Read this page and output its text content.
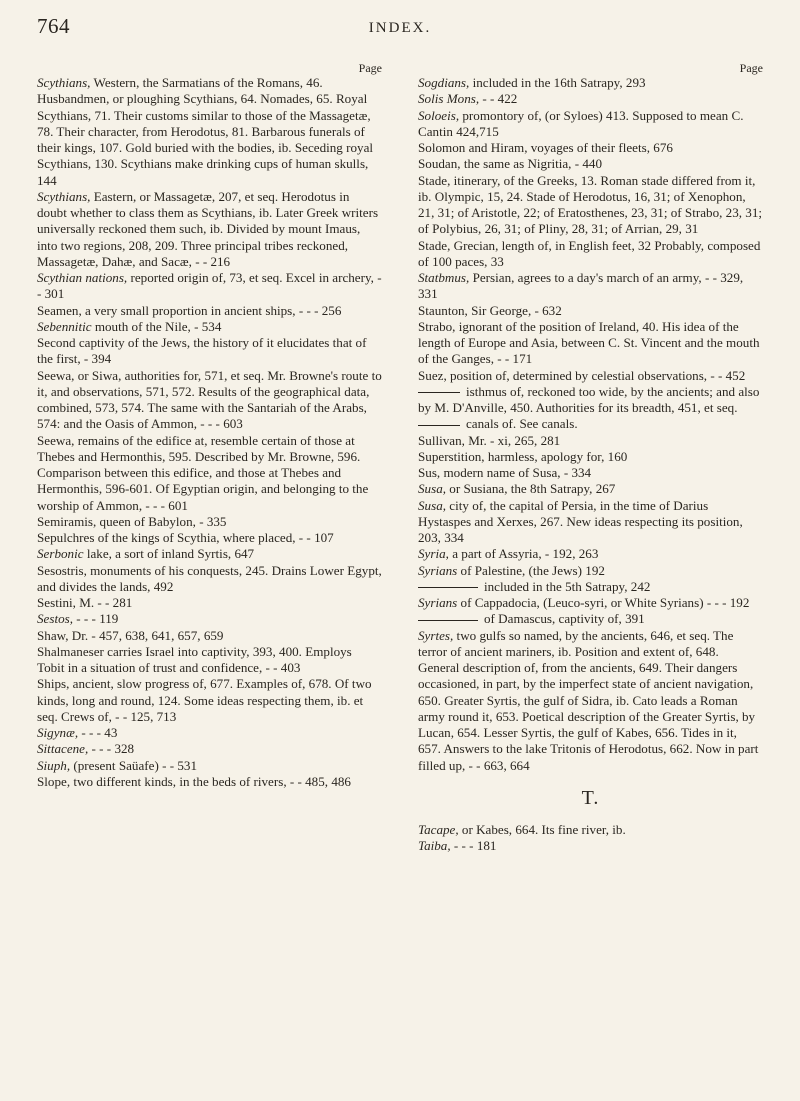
764	INDEX.
Page
Scythians, Western, the Sarmatians of the Romans, 46. Husbandmen, or ploughing Scythians, 64. Nomades, 65. Royal Scythians, 71. Their customs similar to those of the Massagetæ, 78. Their character, from Herodotus, 81. Barbarous funerals of their kings, 107. Gold buried with the bodies, ib. Seceding royal Scythians, 130. Scythians make drinking cups of human skulls, 144
Scythians, Eastern, or Massagetæ, 207, et seq. Herodotus in doubt whether to class them as Scythians, ib. Later Greek writers universally reckoned them such, ib. Divided by mount Imaus, into two regions, 208, 209. Three principal tribes reckoned, Massagetæ, Dahæ, and Sacæ, - - 216
Scythian nations, reported origin of, 73, et seq. Excel in archery, - - 301
Seamen, a very small proportion in ancient ships, - - - 256
Sebennitic mouth of the Nile, - 534
Second captivity of the Jews, the history of it elucidates that of the first, - 394
Seewa, or Siwa, authorities for, 571, et seq. Mr. Browne's route to it, and observations, 571, 572. Results of the geographical data, combined, 573, 574. The same with the Santariah of the Arabs, 574: and the Oasis of Ammon, - - - 603
Seewa, remains of the edifice at, resemble certain of those at Thebes and Hermonthis, 595. Described by Mr. Browne, 596. Comparison between this edifice, and those at Thebes and Hermonthis, 596-601. Of Egyptian origin, and belonging to the worship of Ammon, - - - 601
Semiramis, queen of Babylon, - 335
Sepulchres of the kings of Scythia, where placed, - - 107
Serbonic lake, a sort of inland Syrtis, 647
Sesostris, monuments of his conquests, 245. Drains Lower Egypt, and divides the lands, 492
Sestini, M. - - 281
Sestos, - - - 119
Shaw, Dr. - 457, 638, 641, 657, 659
Shalmaneser carries Israel into captivity, 393, 400. Employs Tobit in a situation of trust and confidence, - - 403
Ships, ancient, slow progress of, 677. Examples of, 678. Of two kinds, long and round, 124. Some ideas respecting them, ib. et seq. Crews of, - - 125, 713
Sigynæ, - - - 43
Sittacene, - - - 328
Siuph, (present Saüafe) - - 531
Slope, two different kinds, in the beds of rivers, - - 485, 486
Page
Sogdians, included in the 16th Satrapy, 293
Solis Mons, - - 422
Soloeis, promontory of, (or Syloes) 413. Supposed to mean C. Cantin 424,715
Solomon and Hiram, voyages of their fleets, 676
Soudan, the same as Nigritia, - 440
Stade, itinerary, of the Greeks, 13. Roman stade differed from it, ib. Olympic, 15, 24. Stade of Herodotus, 16, 31; of Xenophon, 21, 31; of Aristotle, 22; of Eratosthenes, 23, 31; of Strabo, 23, 31; of Polybius, 26, 31; of Pliny, 28, 31; of Arrian, 29, 31
Stade, Grecian, length of, in English feet, 32 Probably, composed of 100 paces, 33
Statbmus, Persian, agrees to a day's march of an army, - - 329, 331
Staunton, Sir George, - 632
Strabo, ignorant of the position of Ireland, 40. His idea of the length of Europe and Asia, between C. St. Vincent and the mouth of the Ganges, - - 171
Suez, position of, determined by celestial observations, - - 452
isthmus of, reckoned too wide, by the ancients; and also by M. D'Anville, 450. Authorities for its breadth, 451, et seq.
canals of. See canals.
Sullivan, Mr. - xi, 265, 281
Superstition, harmless, apology for, 160
Sus, modern name of Susa, - 334
Susa, or Susiana, the 8th Satrapy, 267
Susa, city of, the capital of Persia, in the time of Darius Hystaspes and Xerxes, 267. New ideas respecting its position, 203, 334
Syria, a part of Assyria, - 192, 263
Syrians of Palestine, (the Jews) 192
included in the 5th Satrapy, 242
Syrians of Cappadocia, (Leuco-syri, or White Syrians) - - - 192
of Damascus, captivity of, 391
Syrtes, two gulfs so named, by the ancients, 646, et seq. The terror of ancient mariners, ib. Position and extent of, 648. General description of, from the ancients, 649. Their dangers occasioned, in part, by the imperfect state of ancient navigation, 650. Greater Syrtis, the gulf of Sidra, ib. Cato leads a Roman army round it, 653. Poetical description of the Greater Syrtis, by Lucan, 654. Lesser Syrtis, the gulf of Kabes, 656. Tides in it, 657. Answers to the lake Tritonis of Herodotus, 662. Now in part filled up, - - 663, 664
T.
Tacape, or Kabes, 664. Its fine river, ib.
Taiba, - - - 181
